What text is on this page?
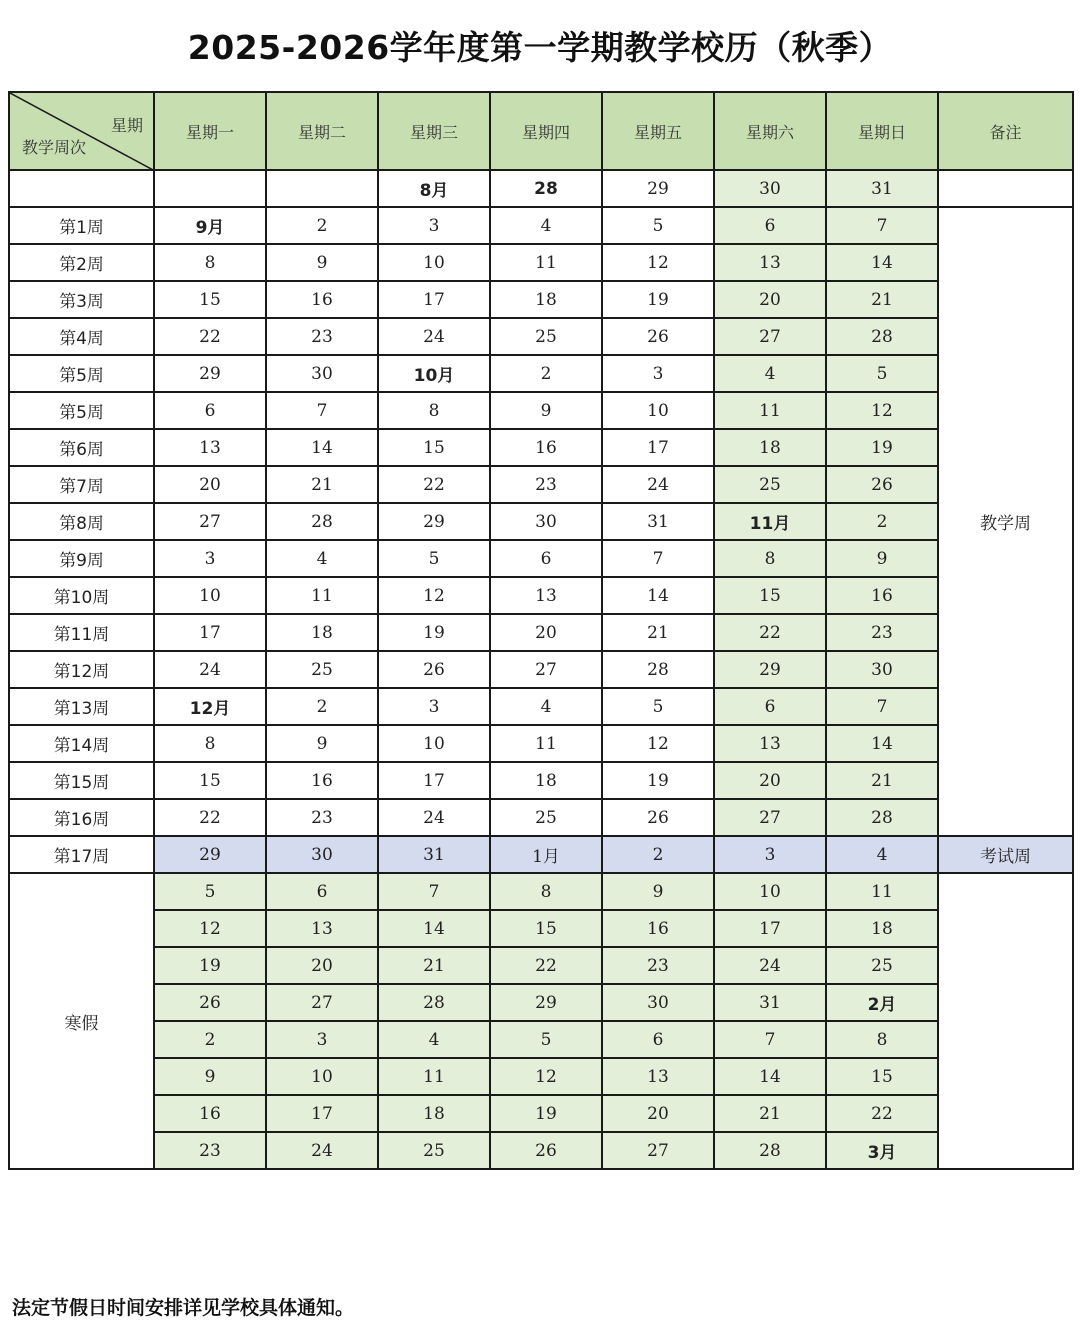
2025-2026学年度第一学期教学校历（秋季）
星期
教学周次	星期一	星期二	星期三	星期四	星期五	星期六	星期日	备注
			8月	28	29	30	31	
第1周	9月	2	3	4	5	6	7	教学周
第2周	8	9	10	11	12	13	14	
第3周	15	16	17	18	19	20	21	
第4周	22	23	24	25	26	27	28	
第5周	29	30	10月	2	3	4	5	
第5周	6	7	8	9	10	11	12	
第6周	13	14	15	16	17	18	19	
第7周	20	21	22	23	24	25	26	
第8周	27	28	29	30	31	11月	2	
第9周	3	4	5	6	7	8	9	
第10周	10	11	12	13	14	15	16	
第11周	17	18	19	20	21	22	23	
第12周	24	25	26	27	28	29	30	
第13周	12月	2	3	4	5	6	7	
第14周	8	9	10	11	12	13	14	
第15周	15	16	17	18	19	20	21	
第16周	22	23	24	25	26	27	28	
第17周	29	30	31	1月	2	3	4	考试周
寒假	5	6	7	8	9	10	11	
	12	13	14	15	16	17	18	
	19	20	21	22	23	24	25	
	26	27	28	29	30	31	2月	
	2	3	4	5	6	7	8	
	9	10	11	12	13	14	15	
	16	17	18	19	20	21	22	
	23	24	25	26	27	28	3月	
法定节假日时间安排详见学校具体通知。
